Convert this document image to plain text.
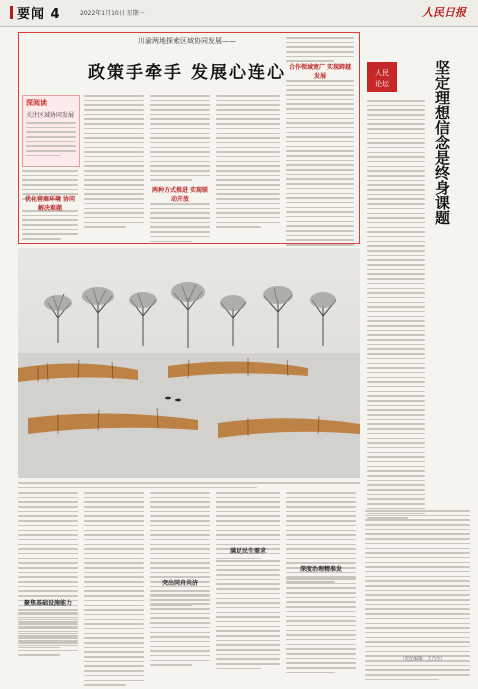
要闻 4	2022年1月10日 星期一	人民日报
川渝两地探索区域协同发展——
政策手牵手 发展心连心
深阅读
关注区域协同发展
优化营商环境 协同解决难题
两种方式推进 实现联动开放
合作领域宽广 实现跨越发展	人民
论坛	坚定理想信念是终身课题
聚焦基础设施能力
突出同舟共济
满足民生需求
深度治理精准发
（责任编辑：王乃尔）
